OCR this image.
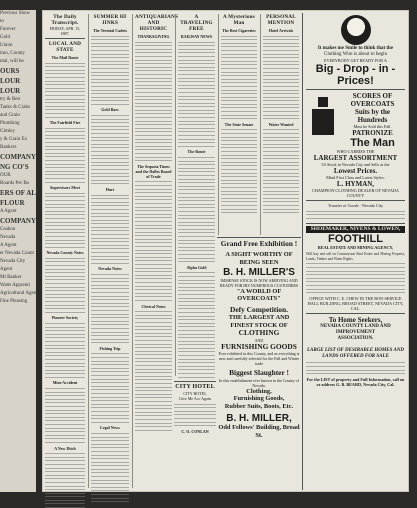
Previous Show
to
Forever
Gold
Union
tion, County
ntal, will be
OURS
LOUR
LOUR
try & Ben
Tanks & Crabs
and Grain
Plumbing
Gimley
y & Grain Ex
Bankers
COMPANY
NG CO'S
OUR
Boards Per Bo
ERS OF ALL
FLOUR
A Agent
COMPANY
Ceabon
Nevada
A Agent
er Nevada Count
Nevada City
Agent
Mt Banker
Watts Apprenti
Agricultural Agent
Fine Pleasing
The Daily Transcript.
FRIDAY, APR. 15, 1887.
LOCAL AND STATE
The Mail Route
The Fairfield Fire
Supervisors Meet
Nevada County Notes
Pioneer Society
Mine Accident
A New Ditch
SUMMER HI JINKS
The Teetotal Cadets
Gold Bars
Hurt
Nevada Notes
Fishing Trip
Legal News
ANTIQUARIANS AND HISTORIC
THANKSGIVING
The Sequoia Times and the Dalles Board of Trade
Clerical Notes
A TRAVELING FREE
RAILWAY NEWS
The Route
Alpha Gold
A Mysterious Man
The Best Cigarettes
The State Senate
PERSONAL MENTION
Hotel Arrivals
Water Wanted
CITY HOTEL
CITY HOTEL
Give Me Acc Again
C. O. CONLAN
Grand Free Exhibition !
A SIGHT WORTHY OF BEING SEEN
B. H. MILLER'S
IMMENSE STOCK IS NOW ARRIVING AND READY FOR HIS NUMEROUS CUSTOMERS
"A WORLD OF OVERCOATS"
Defy Competition.
THE LARGEST AND FINEST STOCK OF
CLOTHING
AND
FURNISHING GOODS
Ever exhibited in this County, and as everything is new and carefully selected for the Fall and Winter trade
Biggest Slaughter !
In this establishment ever known in the County of Nevada.
Clothing,
Furnishing Goods,
Rubber Suits, Boots, Etc.
B. H. MILLER,
Odd Fellows' Building, Broad St.
It makes me Smile to think that the
Clothing Wire is about to begin
EVERYBODY GET READY FOR A
Big - Drop - in - Prices!
SCORES OF OVERCOATS
Suits by the Hundreds
Must be Sold this Fall.
PATRONIZE
The Man
WHO CARRIES THE
LARGEST ASSORTMENT
Of Stock in Nevada City and Sells at the
Lowest Prices.
Mind First Class and Latest Styles.
L. HYMAN,
CHAMPION CLOTHING DEALER OF NEVADA COUNTY
Transfer of Goods - Nevada City
SHOEMAKER, NIVENS & LOWEN,
FOOTHILL
REAL ESTATE AND MINING AGENCY,
Will buy and sell on Commission Real Estate and Mining Property, Lands, Timber and Water Rights.
OFFICE WITH C. E. CHEW IN THE BON-SERVICE HALL BUILDING, BROAD STREET, NEVADA CITY, CAL.
To Home Seekers,
NEVADA COUNTY LAND AND IMPROVEMENT
ASSOCIATION.
LARGE LIST OF DESIRABLE HOMES AND LANDS OFFERED FOR SALE
For the LIST of property and Full Information, call on or address G. B. BEARD, Nevada City, Cal.
